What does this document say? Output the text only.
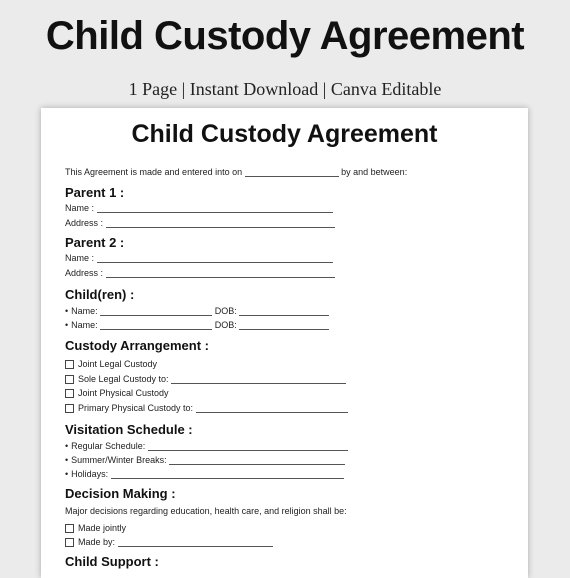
Child Custody Agreement
1 Page | Instant Download | Canva Editable
Child Custody Agreement
This Agreement is made and entered into on	by and between:
Parent 1 :
Name :
Address :
Parent 2 :
Name :
Address :
Child(ren) :
• Name:	DOB:
• Name:	DOB:
Custody Arrangement :
Joint Legal Custody
Sole Legal Custody to:
Joint Physical Custody
Primary Physical Custody to:
Visitation Schedule :
• Regular Schedule:
• Summer/Winter Breaks:
• Holidays:
Decision Making :
Major decisions regarding education, health care, and religion shall be:
Made jointly
Made by:
Child Support :
